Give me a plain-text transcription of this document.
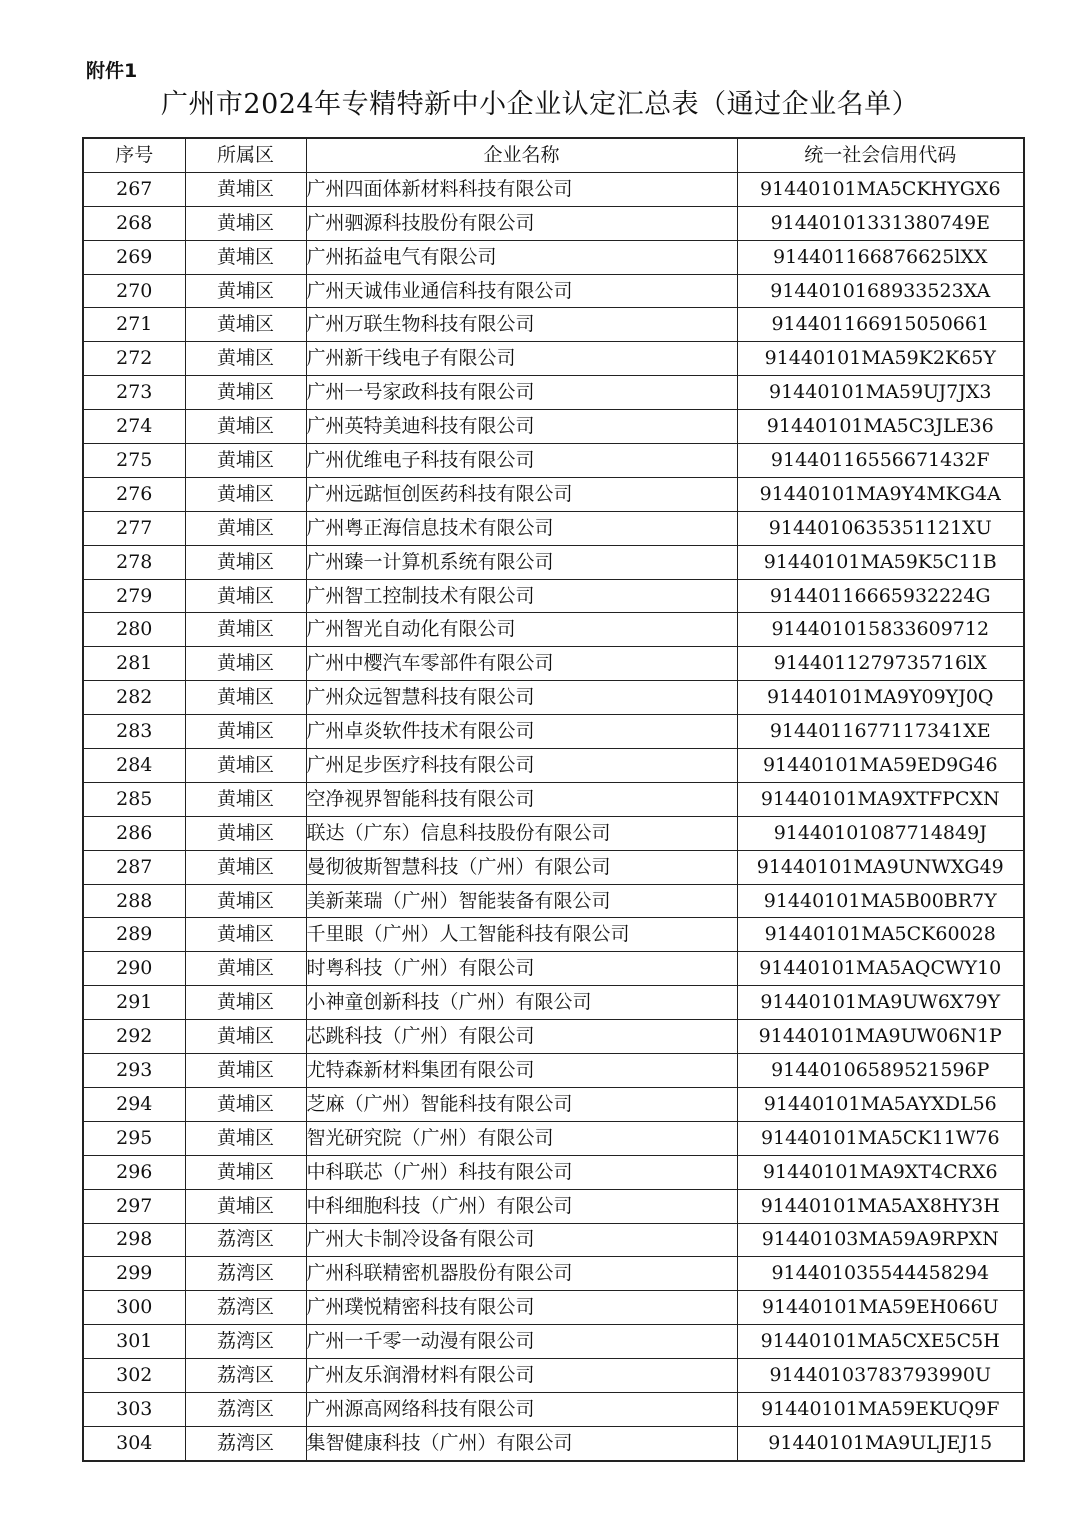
附件1
广州市2024年专精特新中小企业认定汇总表（通过企业名单）
序号	所属区	企业名称	统一社会信用代码
267	黄埔区	广州四面体新材料科技有限公司	91440101MA5CKHYGX6
268	黄埔区	广州驷源科技股份有限公司	91440101331380749E
269	黄埔区	广州拓益电气有限公司	914401166876625lXX
270	黄埔区	广州天诚伟业通信科技有限公司	9144010168933523XA
271	黄埔区	广州万联生物科技有限公司	914401166915050661
272	黄埔区	广州新干线电子有限公司	91440101MA59K2K65Y
273	黄埔区	广州一号家政科技有限公司	91440101MA59UJ7JX3
274	黄埔区	广州英特美迪科技有限公司	91440101MA5C3JLE36
275	黄埔区	广州优维电子科技有限公司	91440116556671432F
276	黄埔区	广州远踮恒创医药科技有限公司	91440101MA9Y4MKG4A
277	黄埔区	广州粤正海信息技术有限公司	9144010635351121XU
278	黄埔区	广州臻一计算机系统有限公司	91440101MA59K5C11B
279	黄埔区	广州智工控制技术有限公司	91440116665932224G
280	黄埔区	广州智光自动化有限公司	914401015833609712
281	黄埔区	广州中樱汽车零部件有限公司	9144011279735716lX
282	黄埔区	广州众远智慧科技有限公司	91440101MA9Y09YJ0Q
283	黄埔区	广州卓炎软件技术有限公司	9144011677117341XE
284	黄埔区	广州足步医疗科技有限公司	91440101MA59ED9G46
285	黄埔区	空净视界智能科技有限公司	91440101MA9XTFPCXN
286	黄埔区	联达（广东）信息科技股份有限公司	91440101087714849J
287	黄埔区	曼彻彼斯智慧科技（广州）有限公司	91440101MA9UNWXG49
288	黄埔区	美新莱瑞（广州）智能装备有限公司	91440101MA5B00BR7Y
289	黄埔区	千里眼（广州）人工智能科技有限公司	91440101MA5CK60028
290	黄埔区	时粤科技（广州）有限公司	91440101MA5AQCWY10
291	黄埔区	小神童创新科技（广州）有限公司	91440101MA9UW6X79Y
292	黄埔区	芯跳科技（广州）有限公司	91440101MA9UW06N1P
293	黄埔区	尤特森新材料集团有限公司	91440106589521596P
294	黄埔区	芝麻（广州）智能科技有限公司	91440101MA5AYXDL56
295	黄埔区	智光研究院（广州）有限公司	91440101MA5CK11W76
296	黄埔区	中科联芯（广州）科技有限公司	91440101MA9XT4CRX6
297	黄埔区	中科细胞科技（广州）有限公司	91440101MA5AX8HY3H
298	荔湾区	广州大卡制冷设备有限公司	91440103MA59A9RPXN
299	荔湾区	广州科联精密机器股份有限公司	914401035544458294
300	荔湾区	广州璞悦精密科技有限公司	91440101MA59EH066U
301	荔湾区	广州一千零一动漫有限公司	91440101MA5CXE5C5H
302	荔湾区	广州友乐润滑材料有限公司	91440103783793990U
303	荔湾区	广州源高网络科技有限公司	91440101MA59EKUQ9F
304	荔湾区	集智健康科技（广州）有限公司	91440101MA9ULJEJ15
